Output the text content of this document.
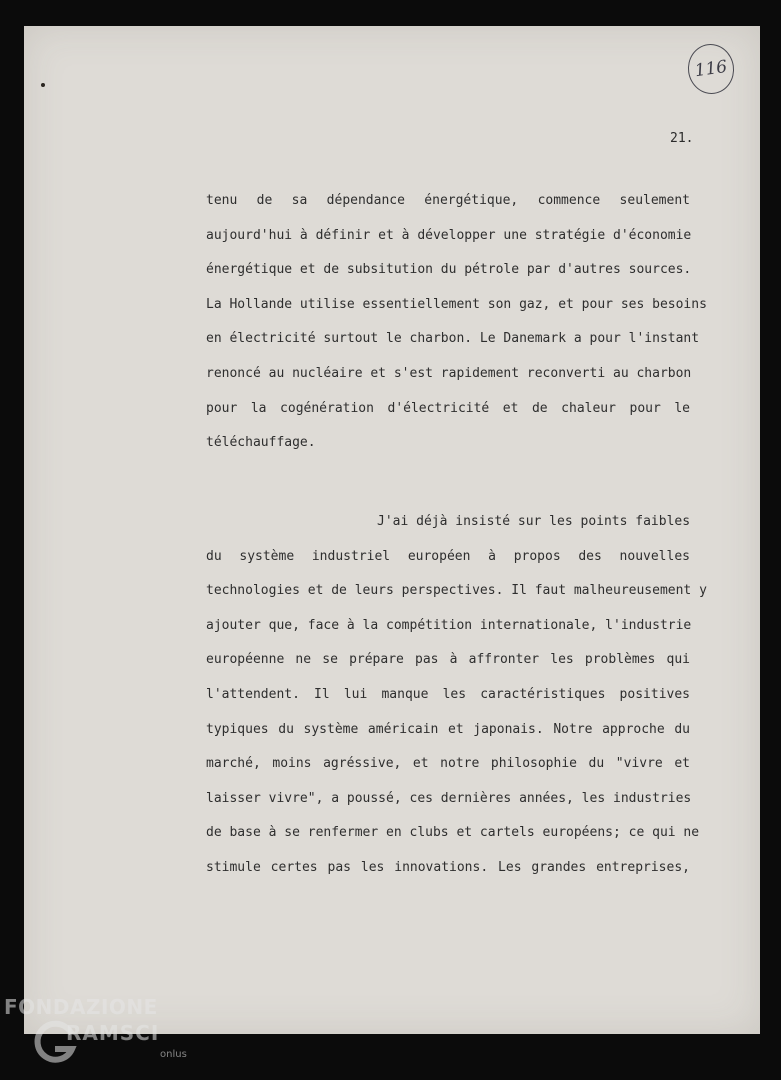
116
21.
tenu de sa dépendance énergétique, commence seulement
aujourd'hui à définir et à développer une stratégie d'économie
énergétique et de subsitution du pétrole par d'autres sources.
La Hollande utilise essentiellement son gaz, et pour ses besoins
en électricité surtout le charbon. Le Danemark a pour l'instant
renoncé au nucléaire et s'est rapidement reconverti au charbon
pour la cogénération d'électricité et de chaleur pour le
téléchauffage.
J'ai déjà insisté sur les points faibles
du système industriel européen à propos des nouvelles
technologies et de leurs perspectives. Il faut malheureusement y
ajouter que, face à la compétition internationale, l'industrie
européenne ne se prépare pas à affronter les problèmes qui
l'attendent. Il lui manque les caractéristiques positives
typiques du système américain et japonais. Notre approche du
marché, moins agréssive, et notre philosophie du "vivre et
laisser vivre", a poussé, ces dernières années, les industries
de base à se renfermer en clubs et cartels européens; ce qui ne
stimule certes pas les innovations. Les grandes entreprises,
FONDAZIONE
RAMSCI
onlus
